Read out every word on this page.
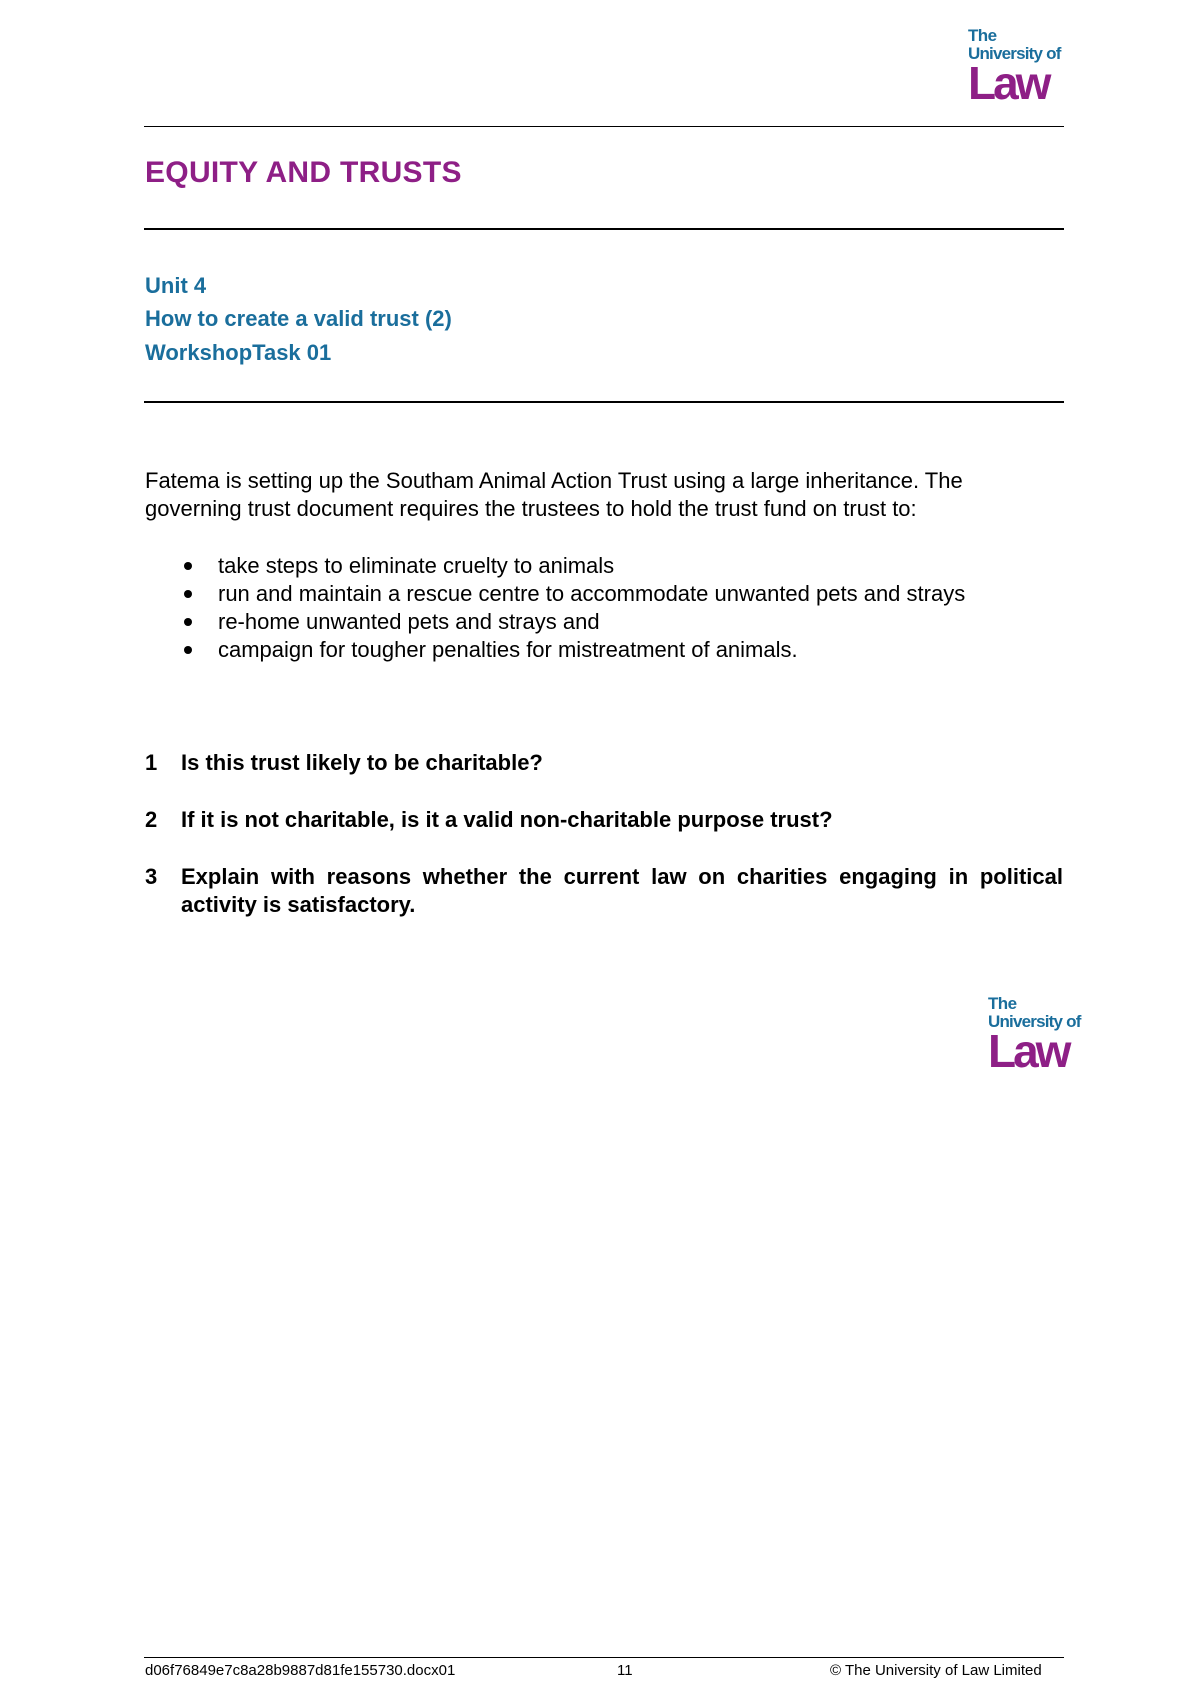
The
University of
Law
EQUITY AND TRUSTS

Unit 4

How to create a valid trust (2)

WorkshopTask 01

Fatema is setting up the Southam Animal Action Trust using a large inheritance. The governing trust document requires the trustees to hold the trust fund on trust to:

take steps to eliminate cruelty to animals
run and maintain a rescue centre to accommodate unwanted pets and strays
re-home unwanted pets and strays and
campaign for tougher penalties for mistreatment of animals.
1 Is this trust likely to be charitable?
2 If it is not charitable, is it a valid non-charitable purpose trust?
3 Explain with reasons whether the current law on charities engaging in political activity is satisfactory.
The
University of
Law
d06f76849e7c8a28b9887d81fe155730.docx01	11	© The University of Law Limited
